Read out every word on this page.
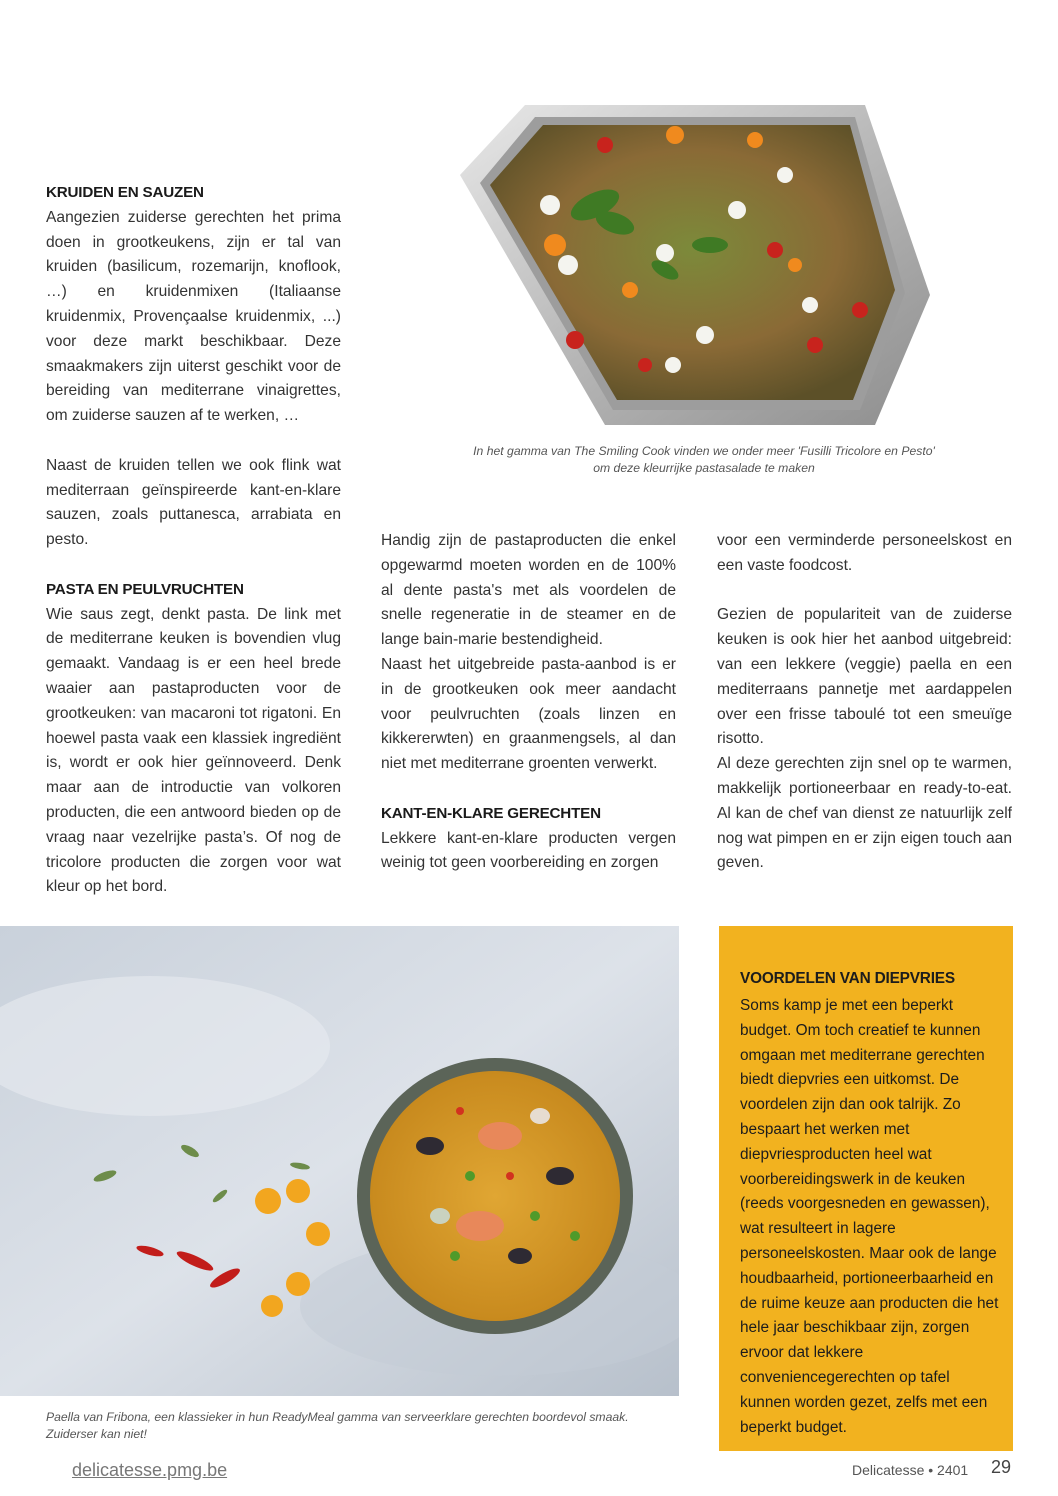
KRUIDEN EN SAUZEN

Aangezien zuiderse gerechten het prima doen in grootkeukens, zijn er tal van kruiden (basilicum, rozemarijn, knoflook, …) en kruidenmixen (Italiaanse kruidenmix, Provençaalse kruidenmix, ...) voor deze markt beschikbaar. Deze smaakmakers zijn uiterst geschikt voor de bereiding van mediterrane vinaigrettes, om zuiderse sauzen af te werken, …

Naast de kruiden tellen we ook flink wat mediterraan geïnspireerde kant-en-klare sauzen, zoals puttanesca, arrabiata en pesto.

PASTA EN PEULVRUCHTEN

Wie saus zegt, denkt pasta. De link met de mediterrane keuken is bovendien vlug gemaakt. Vandaag is er een heel brede waaier aan pastaproducten voor de grootkeuken: van macaroni tot rigatoni. En hoewel pasta vaak een klassiek ingrediënt is, wordt er ook hier geïnnoveerd. Denk maar aan de introductie van volkoren producten, die een antwoord bieden op de vraag naar vezelrijke pasta’s. Of nog de tricolore producten die zorgen voor wat kleur op het bord.

In het gamma van The Smiling Cook vinden we onder meer 'Fusilli Tricolore en Pesto'
om deze kleurrijke pastasalade te maken

Handig zijn de pastaproducten die enkel opgewarmd moeten worden en de 100% al dente pasta's met als voordelen de snelle regeneratie in de steamer en de lange bain-marie bestendigheid.

Naast het uitgebreide pasta-aanbod is er in de grootkeuken ook meer aandacht voor peulvruchten (zoals linzen en kikkererwten) en graanmengsels, al dan niet met mediterrane groenten verwerkt.

KANT-EN-KLARE GERECHTEN

Lekkere kant-en-klare producten vergen weinig tot geen voorbereiding en zorgen

voor een verminderde personeelskost en een vaste foodcost.

Gezien de populariteit van de zuiderse keuken is ook hier het aanbod uitgebreid: van een lekkere (veggie) paella en een mediterraans pannetje met aardappelen over een frisse taboulé tot een smeuïge risotto.

Al deze gerechten zijn snel op te warmen, makkelijk portioneerbaar en ready-to-eat. Al kan de chef van dienst ze natuurlijk zelf nog wat pimpen en er zijn eigen touch aan geven.

Paella van Fribona, een klassieker in hun ReadyMeal gamma van serveerklare gerechten boordevol smaak.
Zuiderser kan niet!
VOORDELEN VAN DIEPVRIES

Soms kamp je met een beperkt budget. Om toch creatief te kunnen omgaan met mediterrane gerechten biedt diepvries een uitkomst. De voordelen zijn dan ook talrijk. Zo bespaart het werken met diepvriesproducten heel wat voorbereidingswerk in de keuken (reeds voorgesneden en gewassen), wat resulteert in lagere personeelskosten. Maar ook de lange houdbaarheid, portioneerbaarheid en de ruime keuze aan producten die het hele jaar beschikbaar zijn, zorgen ervoor dat lekkere conveniencegerechten op tafel kunnen worden gezet, zelfs met een beperkt budget.

delicatesse.pmg.be	Delicatesse • 2401 29
